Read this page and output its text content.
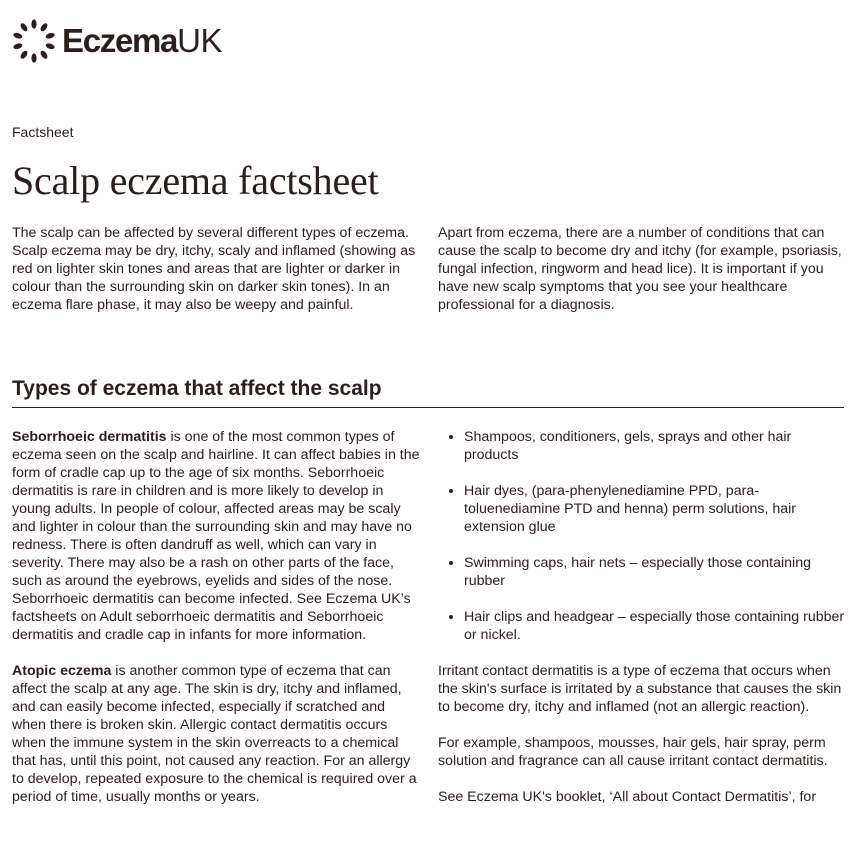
EczemaUK
Factsheet
Scalp eczema factsheet

The scalp can be affected by several different types of eczema. Scalp eczema may be dry, itchy, scaly and inflamed (showing as red on lighter skin tones and areas that are lighter or darker in colour than the surrounding skin on darker skin tones). In an eczema flare phase, it may also be weepy and painful.

Apart from eczema, there are a number of conditions that can cause the scalp to become dry and itchy (for example, psoriasis, fungal infection, ringworm and head lice). It is important if you have new scalp symptoms that you see your healthcare professional for a diagnosis.

Types of eczema that affect the scalp

Seborrhoeic dermatitis is one of the most common types of eczema seen on the scalp and hairline. It can affect babies in the form of cradle cap up to the age of six months. Seborrhoeic dermatitis is rare in children and is more likely to develop in young adults. In people of colour, affected areas may be scaly and lighter in colour than the surrounding skin and may have no redness. There is often dandruff as well, which can vary in severity. There may also be a rash on other parts of the face, such as around the eyebrows, eyelids and sides of the nose. Seborrhoeic dermatitis can become infected. See Eczema UK’s factsheets on Adult seborrhoeic dermatitis and Seborrhoeic dermatitis and cradle cap in infants for more information.

Atopic eczema is another common type of eczema that can affect the scalp at any age. The skin is dry, itchy and inflamed, and can easily become infected, especially if scratched and when there is broken skin. Allergic contact dermatitis occurs when the immune system in the skin overreacts to a chemical that has, until this point, not caused any reaction. For an allergy to develop, repeated exposure to the chemical is required over a period of time, usually months or years.

• Shampoos, conditioners, gels, sprays and other hair products
• Hair dyes, (para-phenylenediamine PPD, para-toluenediamine PTD and henna) perm solutions, hair extension glue
• Swimming caps, hair nets – especially those containing rubber
• Hair clips and headgear – especially those containing rubber or nickel.

Irritant contact dermatitis is a type of eczema that occurs when the skin's surface is irritated by a substance that causes the skin to become dry, itchy and inflamed (not an allergic reaction).

For example, shampoos, mousses, hair gels, hair spray, perm solution and fragrance can all cause irritant contact dermatitis.

See Eczema UK's booklet, ‘All about Contact Dermatitis’, for
